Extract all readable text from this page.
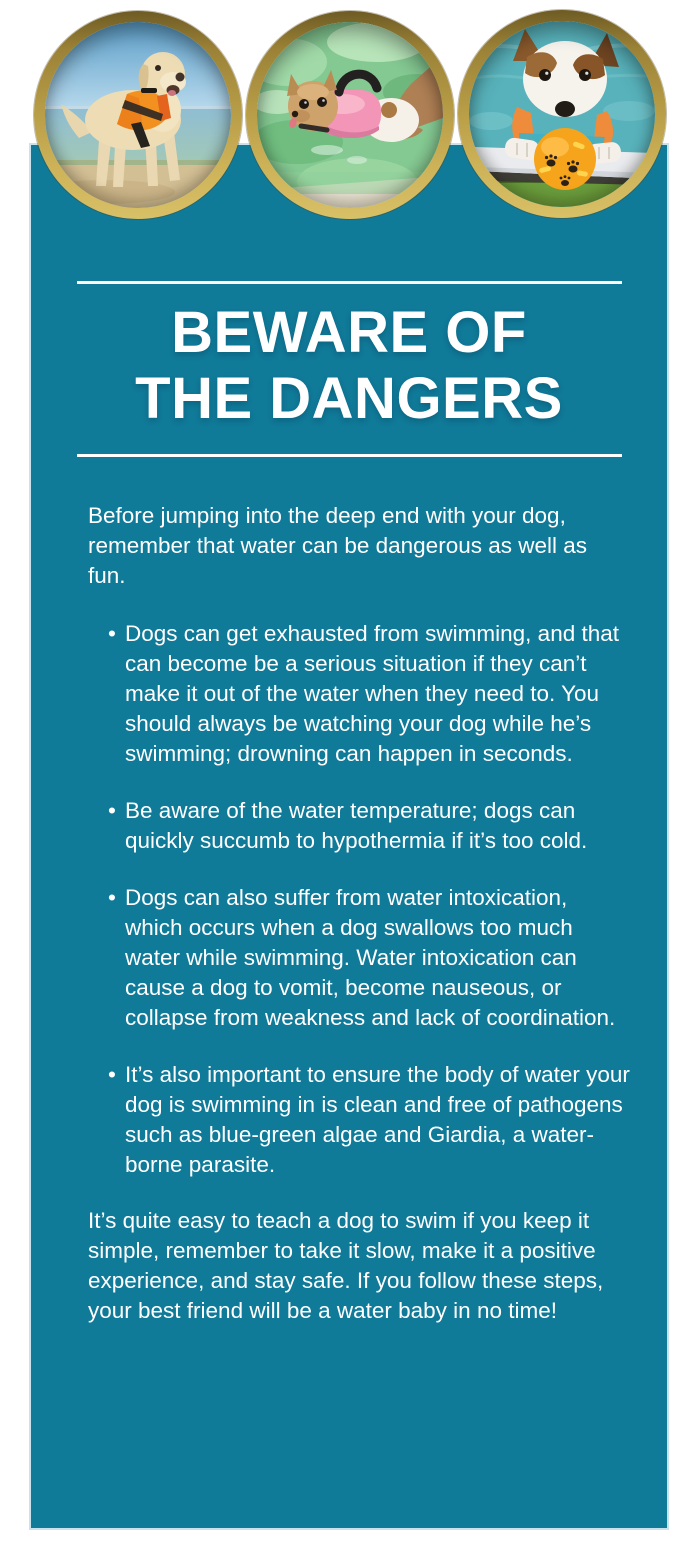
BEWARE OF
THE DANGERS

Before jumping into the deep end with your dog, remember that water can be dangerous as well as fun.

• Dogs can get exhausted from swimming, and that can become be a serious situation if they can’t make it out of the water when they need to. You should always be watching your dog while he’s swimming; drowning can happen in seconds.
• Be aware of the water temperature; dogs can quickly succumb to hypothermia if it’s too cold.
• Dogs can also suffer from water intoxication, which occurs when a dog swallows too much water while swimming. Water intoxication can cause a dog to vomit, become nauseous, or collapse from weakness and lack of coordination.
• It’s also important to ensure the body of water your dog is swimming in is clean and free of pathogens such as blue-green algae and Giardia, a water-borne parasite.

It’s quite easy to teach a dog to swim if you keep it simple, remember to take it slow, make it a positive experience, and stay safe. If you follow these steps, your best friend will be a water baby in no time!
